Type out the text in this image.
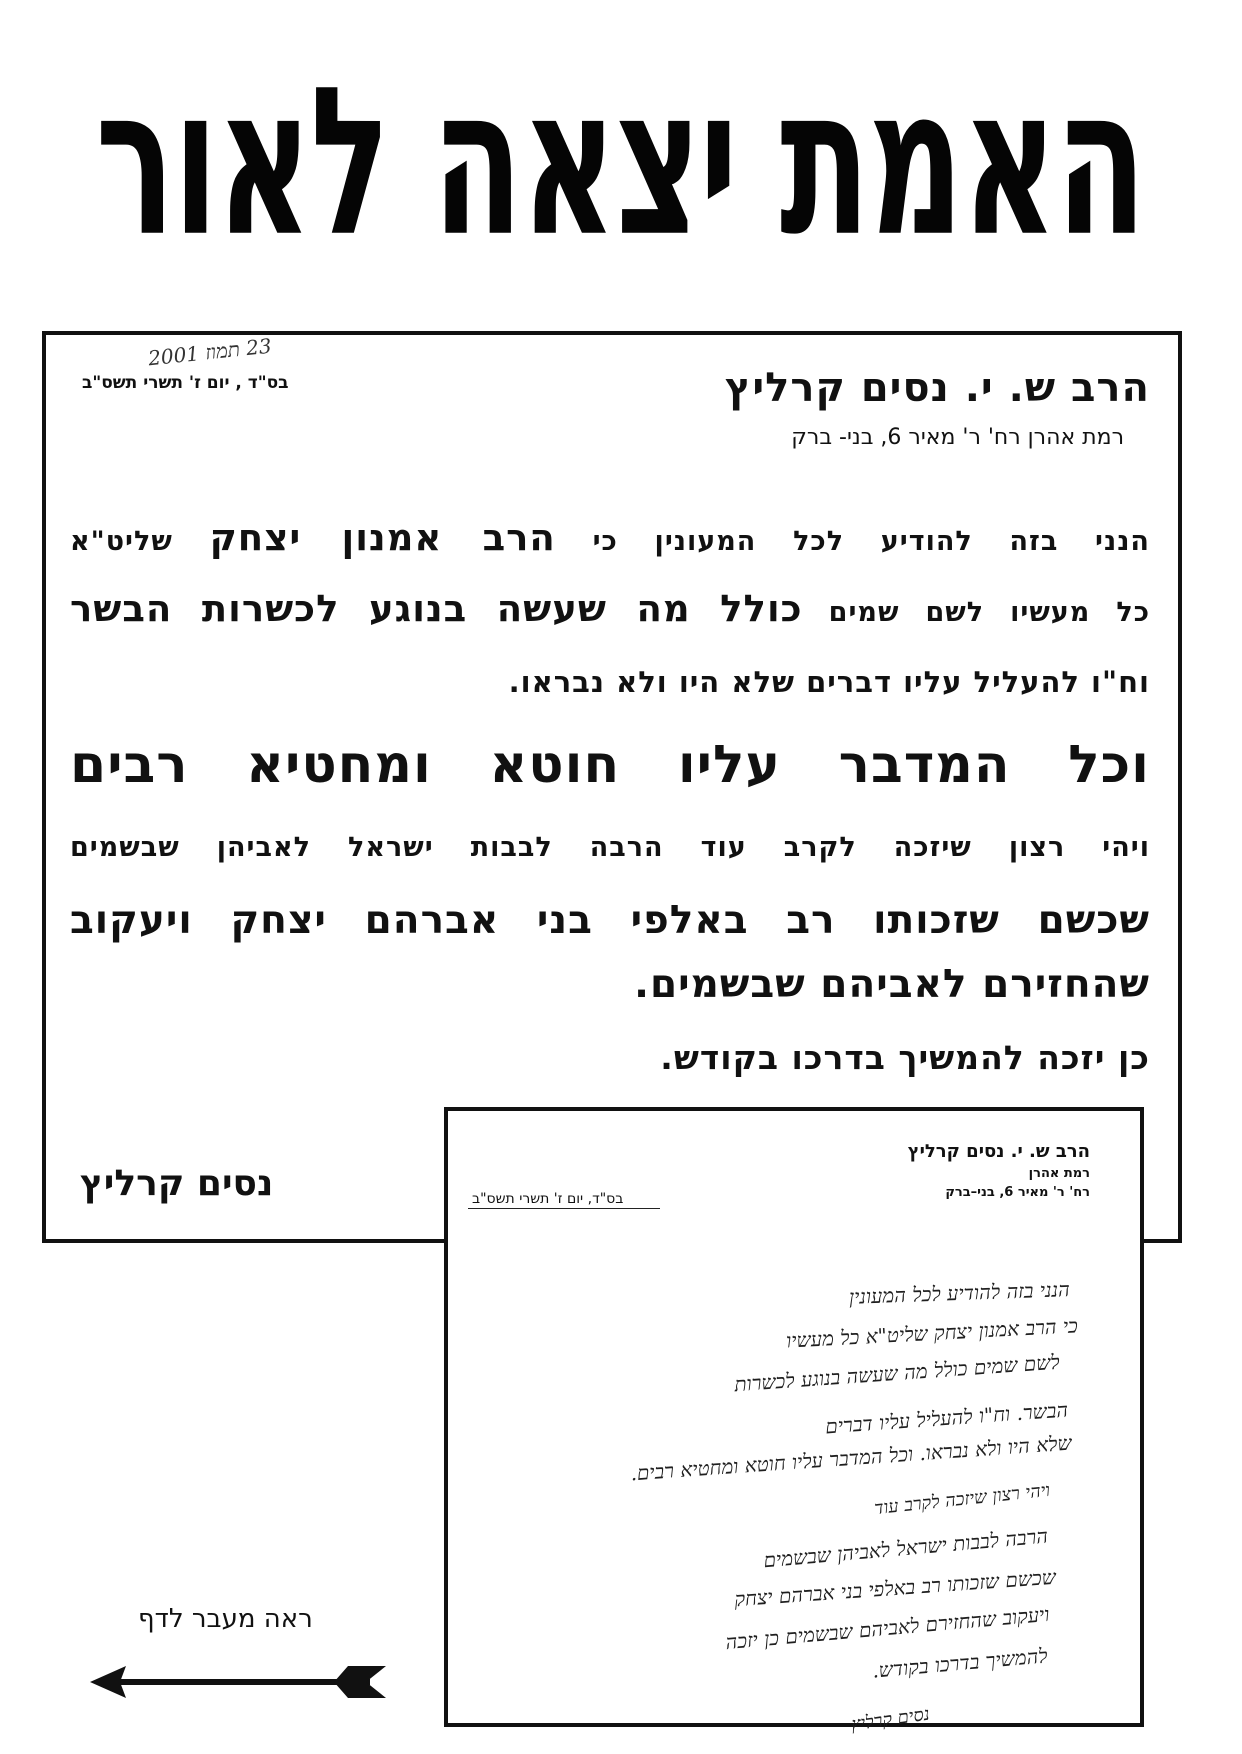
האמת יצאה לאור
23 תמוז 2001
בס"ד , יום ז' תשרי תשס"ב	הרב ש. י. נסים קרליץ
רמת אהרן רח' ר' מאיר 6, בני- ברק
הנני בזה להודיע לכל המעונין כי הרב אמנון יצחק שליט"א
כל מעשיו לשם שמים כולל מה שעשה בנוגע לכשרות הבשר
וח"ו להעליל עליו דברים שלא היו ולא נבראו.
וכל המדבר עליו חוטא ומחטיא רבים
ויהי רצון שיזכה לקרב עוד הרבה לבבות ישראל לאביהן שבשמים
שכשם שזכותו רב באלפי בני אברהם יצחק ויעקוב
שהחזירם לאביהם שבשמים.
כן יזכה להמשיך בדרכו בקודש.
נסים קרליץ
הרב ש. י. נסים קרליץ
רמת אהרן
רח' ר' מאיר 6, בני–ברק
בס"ד, יום ז' תשרי תשס"ב
הנני בזה להודיע לכל המעונין
כי הרב אמנון יצחק שליט"א כל מעשיו
לשם שמים כולל מה שעשה בנוגע לכשרות
הבשר. וח"ו להעליל עליו דברים
שלא היו ולא נבראו. וכל המדבר עליו חוטא ומחטיא רבים.
ויהי רצון שיזכה לקרב עוד
הרבה לבבות ישראל לאביהן שבשמים
שכשם שזכותו רב באלפי בני אברהם יצחק
ויעקוב שהחזירם לאביהם שבשמים כן יזכה
להמשיך בדרכו בקודש.
נסים קרליץ
ראה מעבר לדף
